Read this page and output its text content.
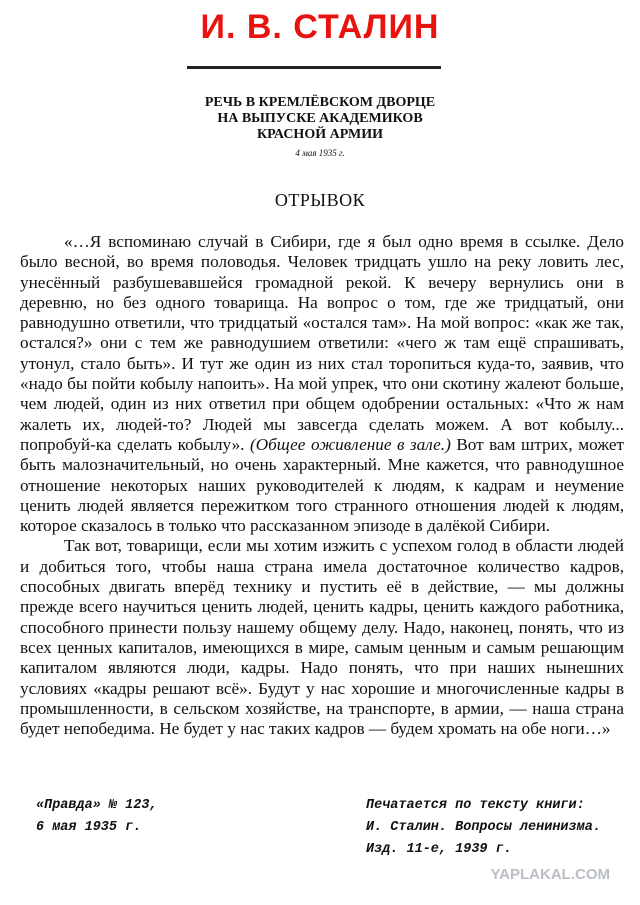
И. В. СТАЛИН
РЕЧЬ В КРЕМЛЁВСКОМ ДВОРЦЕ
НА ВЫПУСКЕ АКАДЕМИКОВ
КРАСНОЙ АРМИИ
4 мая 1935 г.
ОТРЫВОК

«…Я вспоминаю случай в Сибири, где я был одно время в ссылке. Дело было весной, во время половодья. Человек тридцать ушло на реку ловить лес, унесённый разбушевавшейся громадной рекой. К вечеру вернулись они в деревню, но без одного товарища. На вопрос о том, где же тридцатый, они равнодушно ответили, что тридцатый «остался там». На мой вопрос: «как же так, остался?» они с тем же равнодушием ответили: «чего ж там ещё спрашивать, утонул, стало быть». И тут же один из них стал торопиться куда-то, заявив, что «надо бы пойти кобылу напоить». На мой упрек, что они скотину жалеют больше, чем людей, один из них ответил при общем одобрении остальных: «Что ж нам жалеть их, людей-то? Людей мы завсегда сделать можем. А вот кобылу... попробуй-ка сделать кобылу». (Общее оживление в зале.) Вот вам штрих, может быть малозначительный, но очень характерный. Мне кажется, что равнодушное отношение некоторых наших руководителей к людям, к кадрам и неумение ценить людей является пережитком того странного отношения людей к людям, которое сказалось в только что рассказанном эпизоде в далёкой Сибири.

Так вот, товарищи, если мы хотим изжить с успехом голод в области людей и добиться того, чтобы наша страна имела достаточное количество кадров, способных двигать вперёд технику и пустить её в действие, — мы должны прежде всего научиться ценить людей, ценить кадры, ценить каждого работника, способного принести пользу нашему общему делу. Надо, наконец, понять, что из всех ценных капиталов, имеющихся в мире, самым ценным и самым решающим капиталом являются люди, кадры. Надо понять, что при наших нынешних условиях «кадры решают всё». Будут у нас хорошие и многочисленные кадры в промышленности, в сельском хозяйстве, на транспорте, в армии, — наша страна будет непобедима. Не будет у нас таких кадров — будем хромать на обе ноги…»

«Правда» № 123,
6 мая 1935 г.
Печатается по тексту книги:
И. Сталин. Вопросы ленинизма.
Изд. 11-е, 1939 г.
YAPLAKAL.COM
